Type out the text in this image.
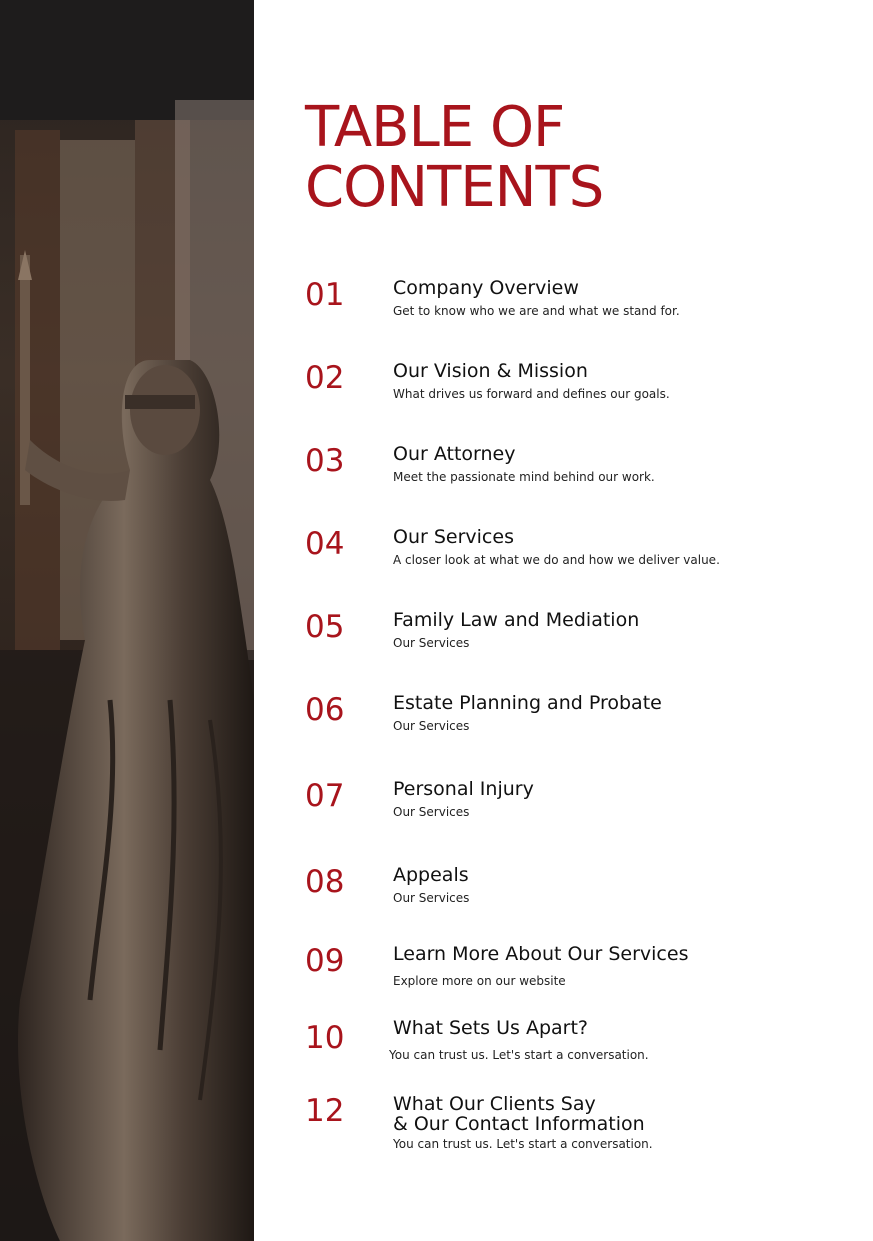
TABLE OF
CONTENTS
01	Company Overview
Get to know who we are and what we stand for.
02	Our Vision & Mission
What drives us forward and defines our goals.
03	Our Attorney
Meet the passionate mind behind our work.
04	Our Services
A closer look at what we do and how we deliver value.
05	Family Law and Mediation
Our Services
06	Estate Planning and Probate
Our Services
07	Personal Injury
Our Services
08	Appeals
Our Services
09	Learn More About Our Services
Explore more on our website
10	What Sets Us Apart?
You can trust us. Let's start a conversation.
12	What Our Clients Say
& Our Contact Information
You can trust us. Let's start a conversation.
